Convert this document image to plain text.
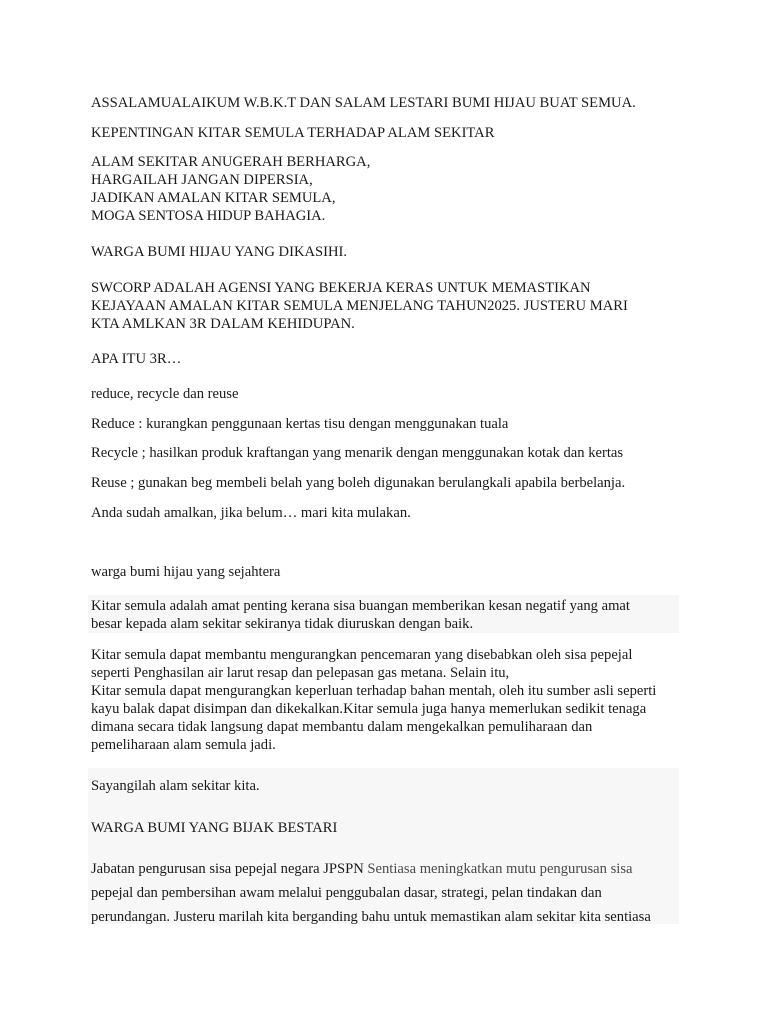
ASSALAMUALAIKUM W.B.K.T DAN SALAM LESTARI BUMI HIJAU BUAT SEMUA.

KEPENTINGAN KITAR SEMULA TERHADAP ALAM SEKITAR

ALAM SEKITAR ANUGERAH BERHARGA,
HARGAILAH JANGAN DIPERSIA,
JADIKAN AMALAN KITAR SEMULA,
MOGA SENTOSA HIDUP BAHAGIA.

WARGA BUMI HIJAU YANG DIKASIHI.

SWCORP ADALAH AGENSI YANG BEKERJA KERAS UNTUK MEMASTIKAN
KEJAYAAN AMALAN KITAR SEMULA MENJELANG TAHUN2025. JUSTERU MARI
KTA AMLKAN 3R DALAM KEHIDUPAN.

APA ITU 3R…

reduce, recycle dan reuse

Reduce : kurangkan penggunaan kertas tisu dengan menggunakan tuala

Recycle ; hasilkan produk kraftangan yang menarik dengan menggunakan kotak dan kertas

Reuse ; gunakan beg membeli belah yang boleh digunakan berulangkali apabila berbelanja.

Anda sudah amalkan, jika belum… mari kita mulakan.

warga bumi hijau yang sejahtera

Kitar semula adalah amat penting kerana sisa buangan memberikan kesan negatif yang amat
besar kepada alam sekitar sekiranya tidak diuruskan dengan baik.
Kitar semula dapat membantu mengurangkan pencemaran yang disebabkan oleh sisa pepejal
seperti Penghasilan air larut resap dan pelepasan gas metana. Selain itu,
Kitar semula dapat mengurangkan keperluan terhadap bahan mentah, oleh itu sumber asli seperti
kayu balak dapat disimpan dan dikekalkan.Kitar semula juga hanya memerlukan sedikit tenaga
dimana secara tidak langsung dapat membantu dalam mengekalkan pemuliharaan dan
pemeliharaan alam semula jadi.

Sayangilah alam sekitar kita.

WARGA BUMI YANG BIJAK BESTARI

Jabatan pengurusan sisa pepejal negara JPSPN Sentiasa meningkatkan mutu pengurusan sisa

pepejal dan pembersihan awam melalui penggubalan dasar, strategi, pelan tindakan dan

perundangan. Justeru marilah kita berganding bahu untuk memastikan alam sekitar kita sentiasa
